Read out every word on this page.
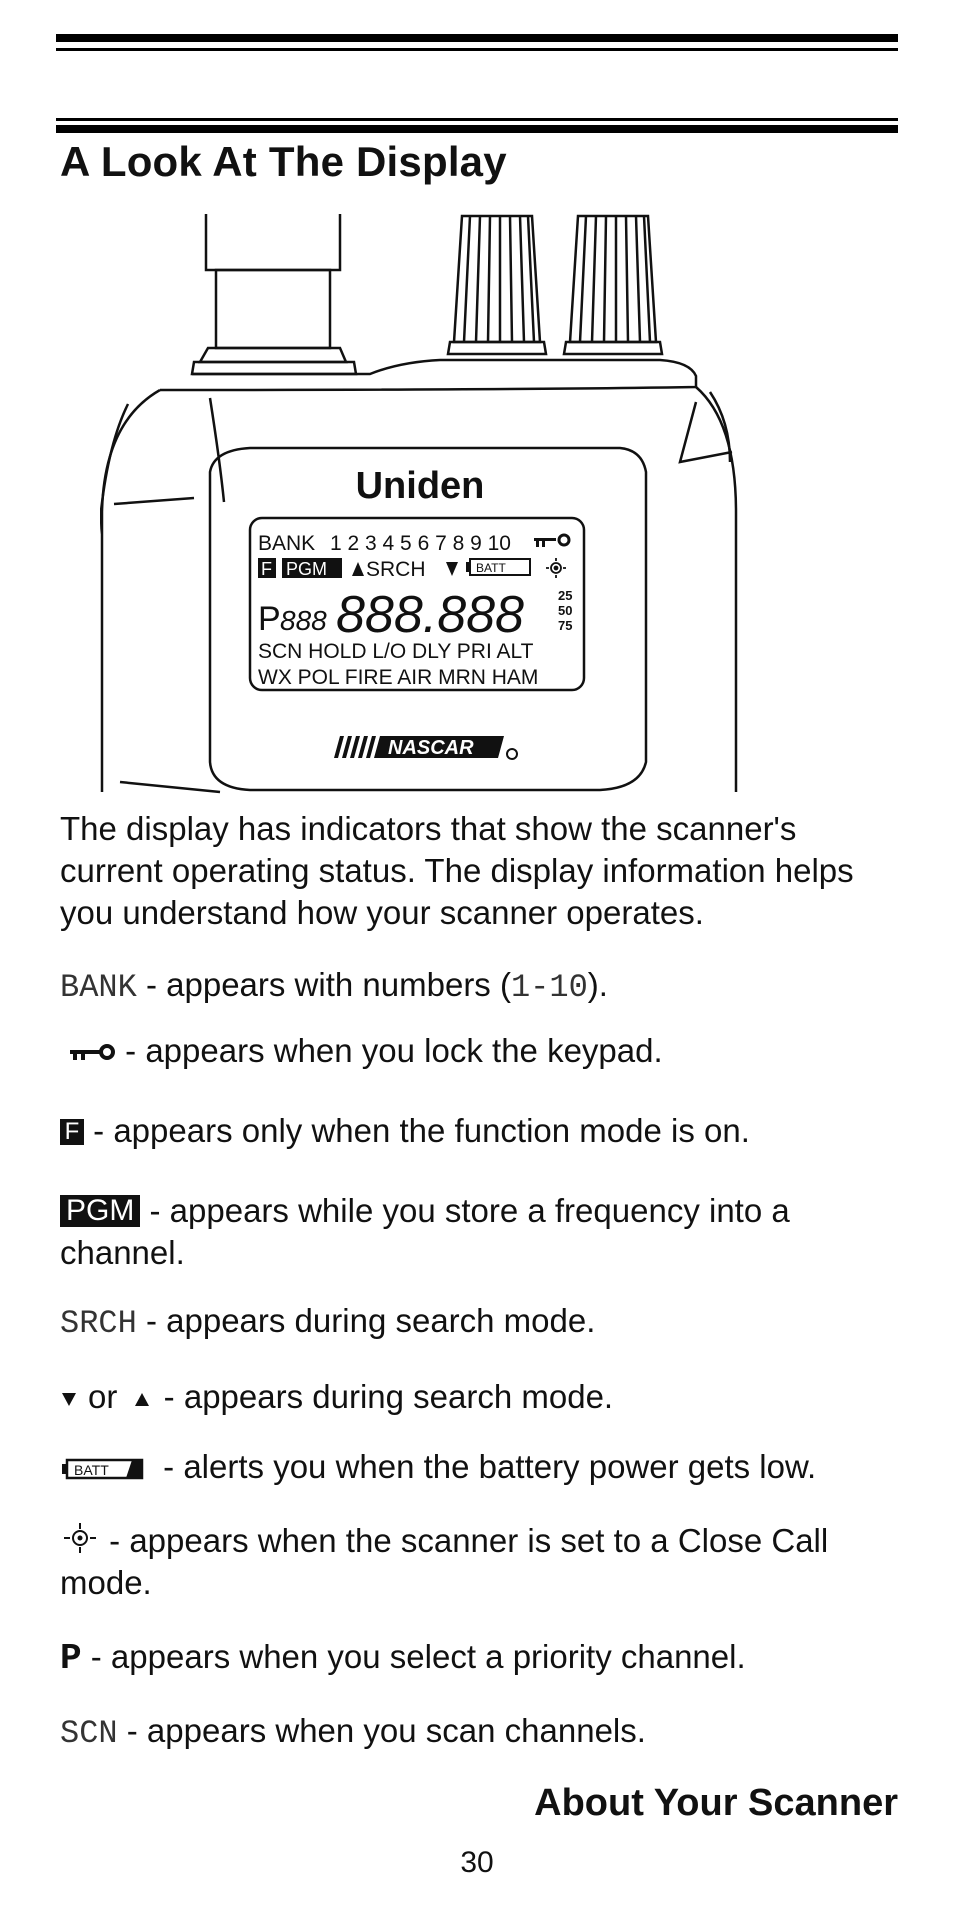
A Look At The Display
Uniden
BANK 1 2 3 4 5 6 7 8 9 10
F PGM SRCH	BATT
P 888 888.888	25
50
75
SCN HOLD L/O DLY PRI ALT
WX POL FIRE AIR MRN HAM
NASCAR

The display has indicators that show the scanner's current operating status. The display information helps you understand how your scanner operates.

BANK - appears with numbers (1-10).

- appears when you lock the keypad.

F - appears only when the function mode is on.

PGM - appears while you store a frequency into a channel.

SRCH - appears during search mode.

or  - appears during search mode.

BATT - alerts you when the battery power gets low.

- appears when the scanner is set to a Close Call mode.

P - appears when you select a priority channel.

SCN - appears when you scan channels.

About Your Scanner

30
